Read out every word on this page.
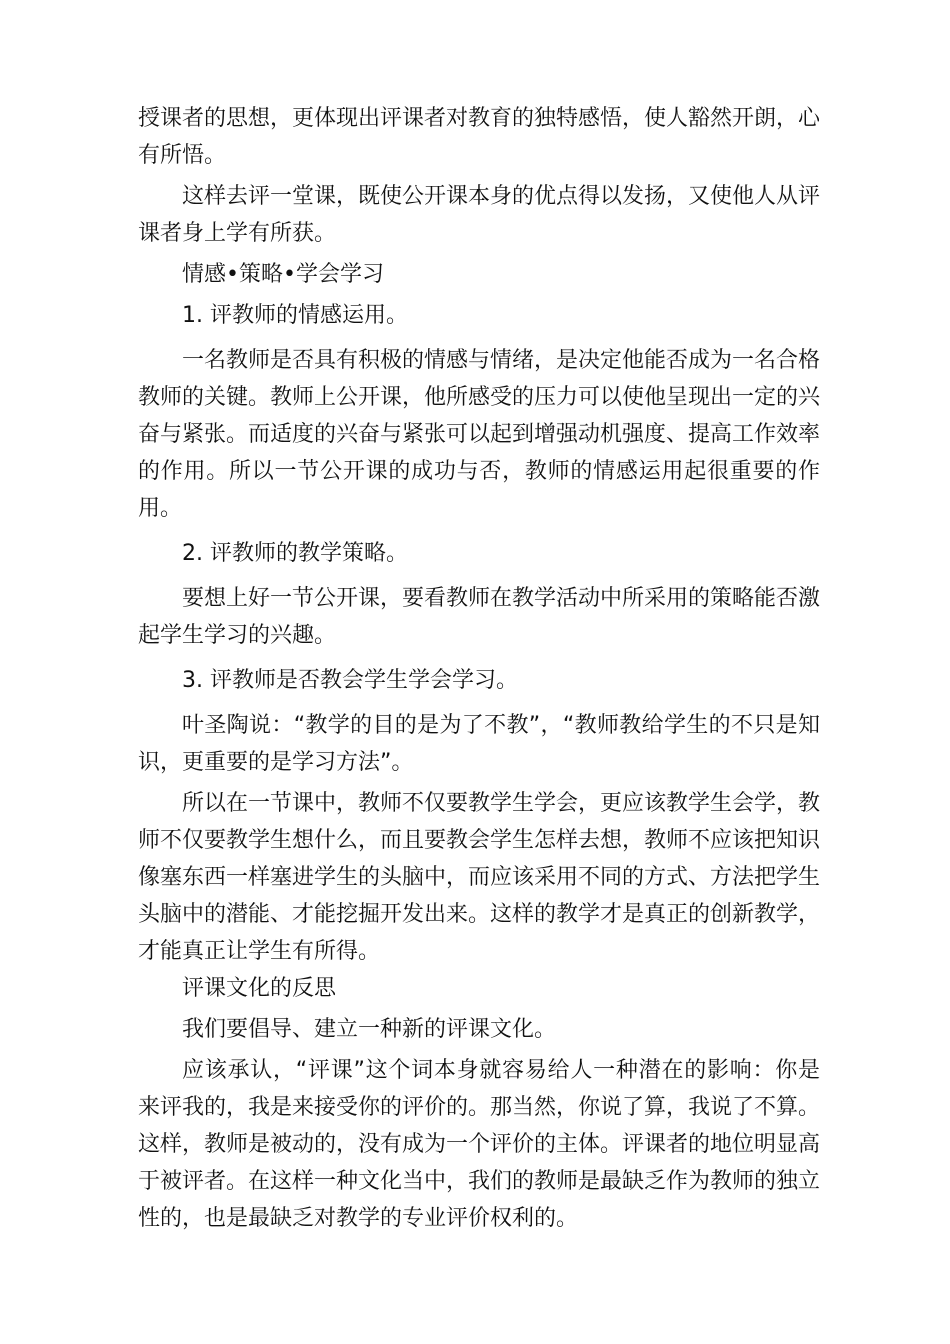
授课者的思想，更体现出评课者对教育的独特感悟，使人豁然开朗，心有所悟。

这样去评一堂课，既使公开课本身的优点得以发扬，又使他人从评课者身上学有所获。

情感•策略•学会学习

1. 评教师的情感运用。

一名教师是否具有积极的情感与情绪，是决定他能否成为一名合格教师的关键。教师上公开课，他所感受的压力可以使他呈现出一定的兴奋与紧张。而适度的兴奋与紧张可以起到增强动机强度、提高工作效率的作用。所以一节公开课的成功与否，教师的情感运用起很重要的作用。

2. 评教师的教学策略。

要想上好一节公开课，要看教师在教学活动中所采用的策略能否激起学生学习的兴趣。

3. 评教师是否教会学生学会学习。

叶圣陶说：“教学的目的是为了不教”，“教师教给学生的不只是知识，更重要的是学习方法”。

所以在一节课中，教师不仅要教学生学会，更应该教学生会学，教师不仅要教学生想什么，而且要教会学生怎样去想，教师不应该把知识像塞东西一样塞进学生的头脑中，而应该采用不同的方式、方法把学生头脑中的潜能、才能挖掘开发出来。这样的教学才是真正的创新教学，才能真正让学生有所得。

评课文化的反思

我们要倡导、建立一种新的评课文化。

应该承认，“评课”这个词本身就容易给人一种潜在的影响：你是来评我的，我是来接受你的评价的。那当然，你说了算，我说了不算。这样，教师是被动的，没有成为一个评价的主体。评课者的地位明显高于被评者。在这样一种文化当中，我们的教师是最缺乏作为教师的独立性的，也是最缺乏对教学的专业评价权利的。
